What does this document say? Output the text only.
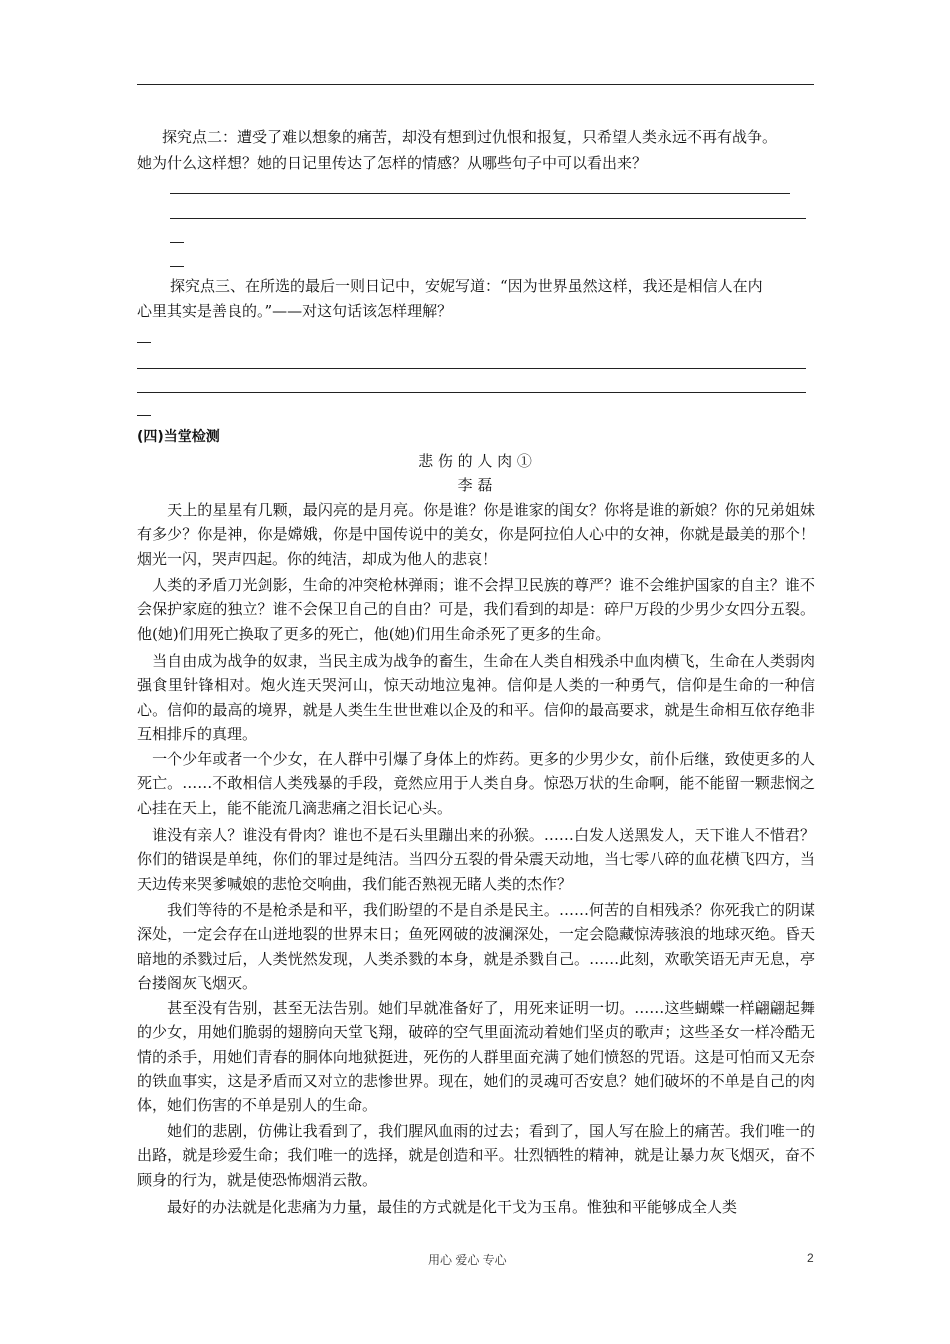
探究点二：遭受了难以想象的痛苦，却没有想到过仇恨和报复，只希望人类永远不再有战争。
她为什么这样想？她的日记里传达了怎样的情感？从哪些句子中可以看出来？
探究点三、在所选的最后一则日记中，安妮写道：“因为世界虽然这样，我还是相信人在内
心里其实是善良的。”——对这句话该怎样理解？
(四)当堂检测
悲 伤 的 人 肉 ①
李 磊

　　天上的星星有几颗，最闪亮的是月亮。你是谁？你是谁家的闺女？你将是谁的新娘？你的兄弟姐妹有多少？你是神，你是嫦娥，你是中国传说中的美女，你是阿拉伯人心中的女神，你就是最美的那个！烟光一闪，哭声四起。你的纯洁，却成为他人的悲哀！

　人类的矛盾刀光剑影，生命的冲突枪林弹雨；谁不会捍卫民族的尊严？谁不会维护国家的自主？谁不会保护家庭的独立？谁不会保卫自己的自由？可是，我们看到的却是：碎尸万段的少男少女四分五裂。他(她)们用死亡换取了更多的死亡，他(她)们用生命杀死了更多的生命。

　当自由成为战争的奴隶，当民主成为战争的畜生，生命在人类自相残杀中血肉横飞，生命在人类弱肉强食里针锋相对。炮火连天哭河山，惊天动地泣鬼神。信仰是人类的一种勇气，信仰是生命的一种信心。信仰的最高的境界，就是人类生生世世难以企及的和平。信仰的最高要求，就是生命相互依存绝非互相排斥的真理。

　一个少年或者一个少女，在人群中引爆了身体上的炸药。更多的少男少女，前仆后继，致使更多的人死亡。……不敢相信人类残暴的手段，竟然应用于人类自身。惊恐万状的生命啊，能不能留一颗悲悯之心挂在天上，能不能流几滴悲痛之泪长记心头。

　谁没有亲人？谁没有骨肉？谁也不是石头里蹦出来的孙猴。……白发人送黑发人，天下谁人不惜君？你们的错误是单纯，你们的罪过是纯洁。当四分五裂的骨朵震天动地，当七零八碎的血花横飞四方，当天边传来哭爹喊娘的悲怆交响曲，我们能否熟视无睹人类的杰作？

　　我们等待的不是枪杀是和平，我们盼望的不是自杀是民主。……何苦的自相残杀？你死我亡的阴谋深处，一定会存在山迸地裂的世界末日；鱼死网破的波澜深处，一定会隐藏惊涛骇浪的地球灭绝。昏天暗地的杀戮过后，人类恍然发现，人类杀戮的本身，就是杀戮自己。……此刻，欢歌笑语无声无息，亭台搂阁灰飞烟灭。

　　甚至没有告别，甚至无法告别。她们早就准备好了，用死来证明一切。……这些蝴蝶一样翩翩起舞的少女，用她们脆弱的翅膀向天堂飞翔，破碎的空气里面流动着她们坚贞的歌声；这些圣女一样冷酷无情的杀手，用她们青春的胴体向地狱挺进，死伤的人群里面充满了她们愤怒的咒语。这是可怕而又无奈的铁血事实，这是矛盾而又对立的悲惨世界。现在，她们的灵魂可否安息？她们破坏的不单是自己的肉体，她们伤害的不单是别人的生命。

　　她们的悲剧，仿佛让我看到了，我们腥风血雨的过去；看到了，国人写在脸上的痛苦。我们唯一的出路，就是珍爱生命；我们唯一的选择，就是创造和平。壮烈牺牲的精神，就是让暴力灰飞烟灭，奋不顾身的行为，就是使恐怖烟消云散。

　　最好的办法就是化悲痛为力量，最佳的方式就是化干戈为玉帛。惟独和平能够成全人类

用心 爱心 专心	2
